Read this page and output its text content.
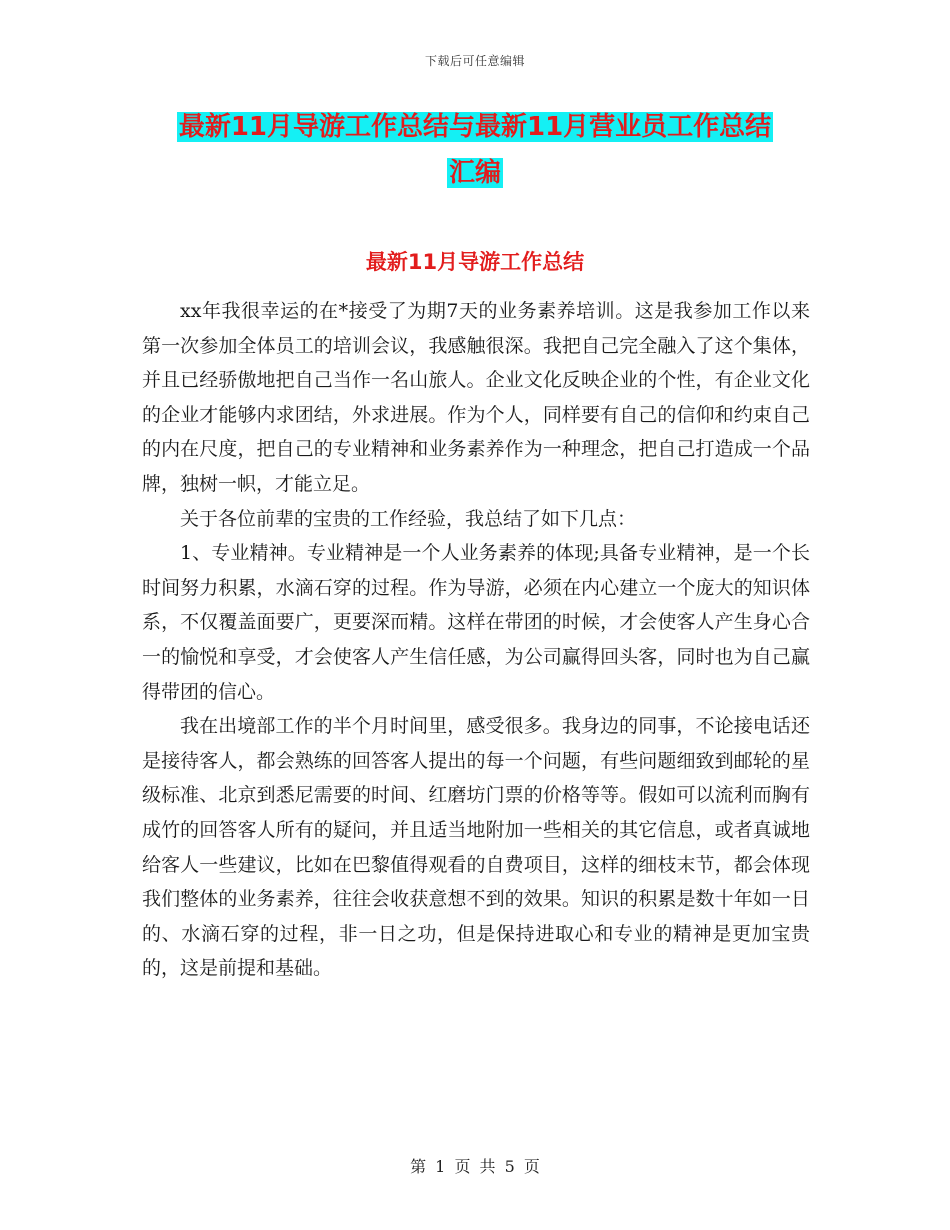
下载后可任意编辑
最新11月导游工作总结与最新11月营业员工作总结
汇编
最新11月导游工作总结

xx年我很幸运的在*接受了为期7天的业务素养培训。这是我参加工作以来第一次参加全体员工的培训会议，我感触很深。我把自己完全融入了这个集体，并且已经骄傲地把自己当作一名山旅人。企业文化反映企业的个性，有企业文化的企业才能够内求团结，外求进展。作为个人，同样要有自己的信仰和约束自己的内在尺度，把自己的专业精神和业务素养作为一种理念，把自己打造成一个品牌，独树一帜，才能立足。

关于各位前辈的宝贵的工作经验，我总结了如下几点：

1、专业精神。专业精神是一个人业务素养的体现;具备专业精神，是一个长时间努力积累，水滴石穿的过程。作为导游，必须在内心建立一个庞大的知识体系，不仅覆盖面要广，更要深而精。这样在带团的时候，才会使客人产生身心合一的愉悦和享受，才会使客人产生信任感，为公司赢得回头客，同时也为自己赢得带团的信心。

我在出境部工作的半个月时间里，感受很多。我身边的同事，不论接电话还是接待客人，都会熟练的回答客人提出的每一个问题，有些问题细致到邮轮的星级标准、北京到悉尼需要的时间、红磨坊门票的价格等等。假如可以流利而胸有成竹的回答客人所有的疑问，并且适当地附加一些相关的其它信息，或者真诚地给客人一些建议，比如在巴黎值得观看的自费项目，这样的细枝末节，都会体现我们整体的业务素养，往往会收获意想不到的效果。知识的积累是数十年如一日的、水滴石穿的过程，非一日之功，但是保持进取心和专业的精神是更加宝贵的，这是前提和基础。

第 1 页 共 5 页
